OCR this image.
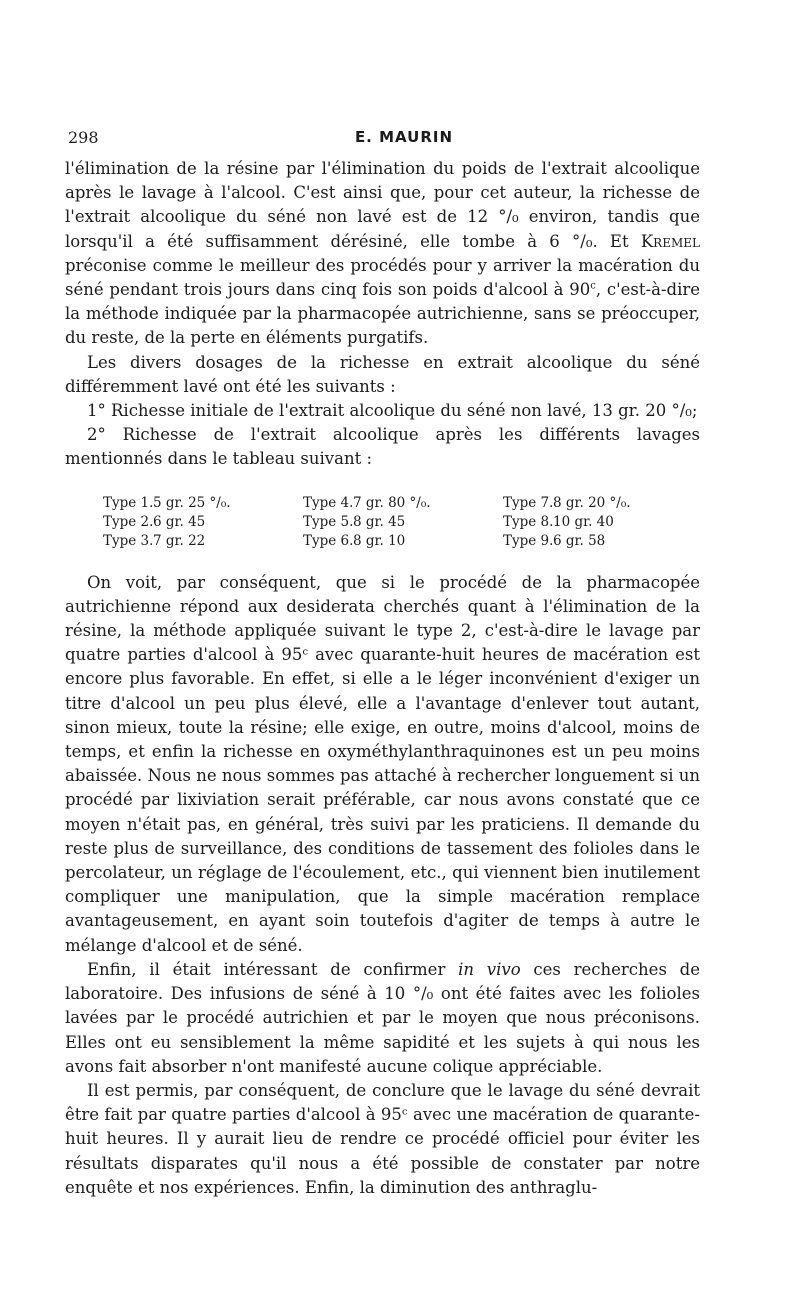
298	E. MAURIN

l'élimination de la résine par l'élimination du poids de l'extrait alcoolique après le lavage à l'alcool. C'est ainsi que, pour cet auteur, la richesse de l'extrait alcoolique du séné non lavé est de 12 °/₀ environ, tandis que lorsqu'il a été suffisamment dérésiné, elle tombe à 6 °/₀. Et Kremel préconise comme le meilleur des procédés pour y arriver la macération du séné pendant trois jours dans cinq fois son poids d'alcool à 90$^c$, c'est-à-dire la méthode indiquée par la pharmacopée autrichienne, sans se préoccuper, du reste, de la perte en éléments purgatifs.

Les divers dosages de la richesse en extrait alcoolique du séné différemment lavé ont été les suivants :

1° Richesse initiale de l'extrait alcoolique du séné non lavé, 13 gr. 20 °/₀;

2° Richesse de l'extrait alcoolique après les différents lavages mentionnés dans le tableau suivant :

Type 1.5 gr. 25 °/₀.	Type 4.7 gr. 80 °/₀.	Type 7.8 gr. 20 °/₀.
Type 2.6 gr. 45	Type 5.8 gr. 45	Type 8.10 gr. 40
Type 3.7 gr. 22	Type 6.8 gr. 10	Type 9.6 gr. 58

On voit, par conséquent, que si le procédé de la pharmacopée autrichienne répond aux desiderata cherchés quant à l'élimination de la résine, la méthode appliquée suivant le type 2, c'est-à-dire le lavage par quatre parties d'alcool à 95ᶜ avec quarante-huit heures de macération est encore plus favorable. En effet, si elle a le léger inconvénient d'exiger un titre d'alcool un peu plus élevé, elle a l'avantage d'enlever tout autant, sinon mieux, toute la résine; elle exige, en outre, moins d'alcool, moins de temps, et enfin la richesse en oxyméthylanthraquinones est un peu moins abaissée. Nous ne nous sommes pas attaché à rechercher longuement si un procédé par lixiviation serait préférable, car nous avons constaté que ce moyen n'était pas, en général, très suivi par les praticiens. Il demande du reste plus de surveillance, des conditions de tassement des folioles dans le percolateur, un réglage de l'écoulement, etc., qui viennent bien inutilement compliquer une manipulation, que la simple macération remplace avantageusement, en ayant soin toutefois d'agiter de temps à autre le mélange d'alcool et de séné.

Enfin, il était intéressant de confirmer in vivo ces recherches de laboratoire. Des infusions de séné à 10 °/₀ ont été faites avec les folioles lavées par le procédé autrichien et par le moyen que nous préconisons. Elles ont eu sensiblement la même sapidité et les sujets à qui nous les avons fait absorber n'ont manifesté aucune colique appréciable.

Il est permis, par conséquent, de conclure que le lavage du séné devrait être fait par quatre parties d'alcool à 95ᶜ avec une macération de quarante-huit heures. Il y aurait lieu de rendre ce procédé officiel pour éviter les résultats disparates qu'il nous a été possible de constater par notre enquête et nos expériences. Enfin, la diminution des anthraglu-
